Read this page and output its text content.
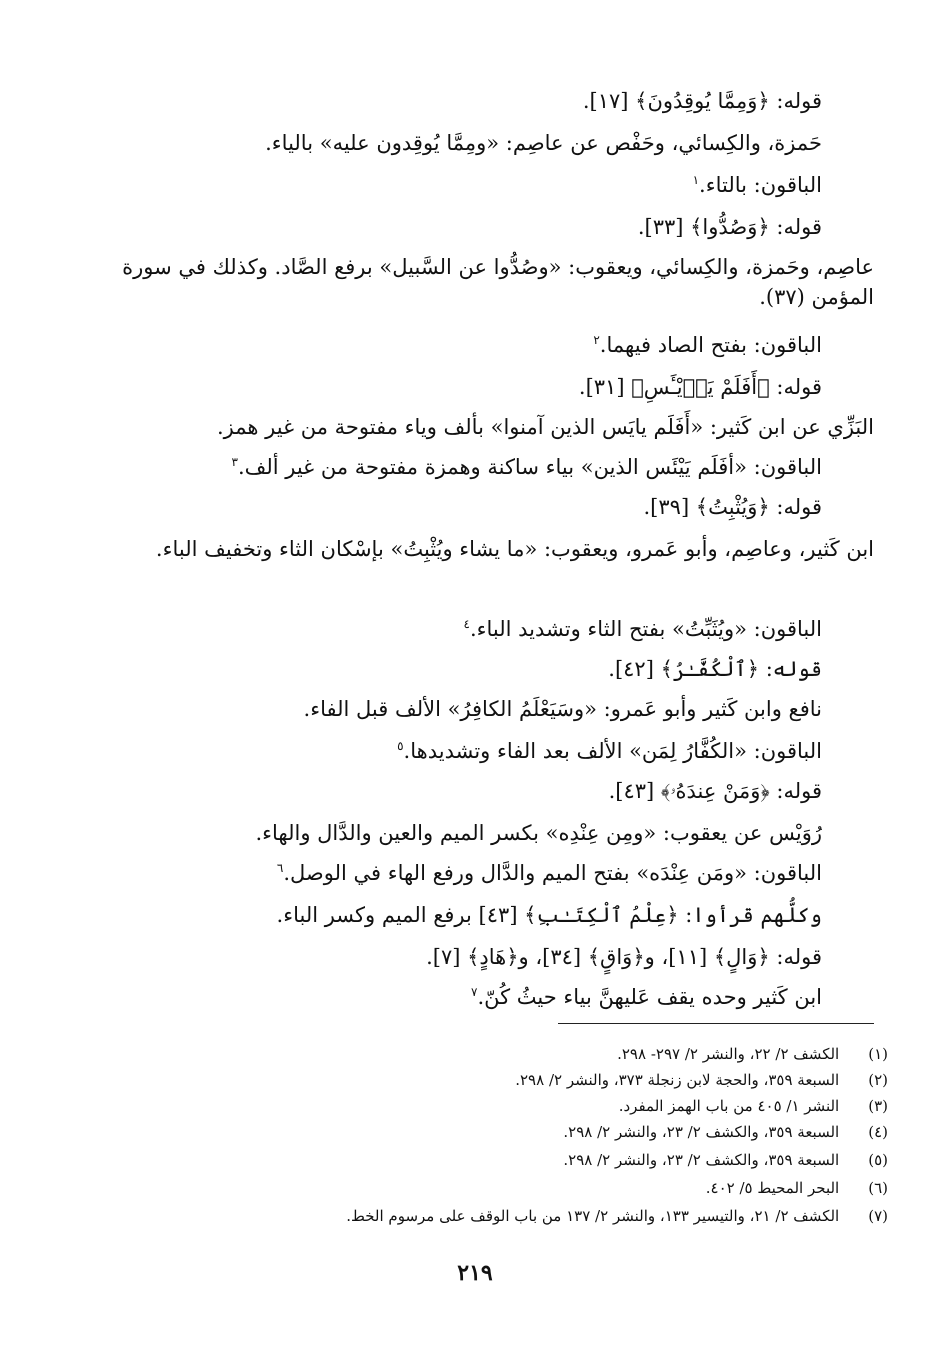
قوله: ﴿وَمِمَّا يُوقِدُونَ﴾ [١٧].
حَمزة، والكِسائي، وحَفْص عن عاصِم: «ومِمَّا يُوقِدون عليه» بالياء.
الباقون: بالتاء.$^١$
قوله: ﴿وَصُدُّوا﴾ [٣٣].
عاصِم، وحَمزة، والكِسائي، ويعقوب: «وصُدُّوا عن السَّبيل» برفع الصَّاد. وكذلك في سورة المؤمن (٣٧).
الباقون: بفتح الصاد فيهما.$^٢$
قوله: ﴿أَفَلَمْ يَا۟يْـَٔسِ﴾ [٣١].
البَزِّي عن ابن كَثير: «أَفَلَم يايَس الذين آمنوا» بألف وياء مفتوحة من غير همز.
الباقون: «أفَلَم يَيْئَس الذين» بياء ساكنة وهمزة مفتوحة من غير ألف.$^٣$
قوله: ﴿وَيُثْبِتُ﴾ [٣٩].
ابن كَثير، وعاصِم، وأبو عَمرو، ويعقوب: «ما يشاء ويُثْبِتُ» بإسْكان الثاء وتخفيف الباء.
الباقون: «ويُثَبِّتُ» بفتح الثاء وتشديد الباء.$^٤$
قوله: ﴿ٱلْكُفَّـٰرُ﴾ [٤٢].
نافع وابن كَثير وأبو عَمرو: «وسَيَعْلَمُ الكافِرُ» الألف قبل الفاء.
الباقون: «الكُفَّارُ لِمَن» الألف بعد الفاء وتشديدها.$^٥$
قوله: ﴿وَمَنْ عِندَهُۥ﴾ [٤٣].
رُوَيْس عن يعقوب: «ومِن عِنْدِه» بكسر الميم والعين والدَّال والهاء.
الباقون: «ومَن عِنْدَه» بفتح الميم والدَّال ورفع الهاء في الوصل.$^٦$
وكلُّهم قرأوا: ﴿عِلْمُ ٱلْكِتَـٰبِ﴾ [٤٣] برفع الميم وكسر الباء.
قوله: ﴿وَالٍ﴾ [١١]، و﴿وَاقٍ﴾ [٣٤]، و﴿هَادٍ﴾ [٧].
ابن كَثير وحده يقف عَليهنَّ بياء حيثُ كُنّ.$^٧$
(١) الكشف ٢/ ٢٢، والنشر ٢/ ٢٩٧- ٢٩٨.
(٢) السبعة ٣٥٩، والحجة لابن زنجلة ٣٧٣، والنشر ٢/ ٢٩٨.
(٣) النشر ١/ ٤٠٥ من باب الهمز المفرد.
(٤) السبعة ٣٥٩، والكشف ٢/ ٢٣، والنشر ٢/ ٢٩٨.
(٥) السبعة ٣٥٩، والكشف ٢/ ٢٣، والنشر ٢/ ٢٩٨.
(٦) البحر المحيط ٥/ ٤٠٢.
(٧) الكشف ٢/ ٢١، والتيسير ١٣٣، والنشر ٢/ ١٣٧ من باب الوقف على مرسوم الخط.
٢١٩
